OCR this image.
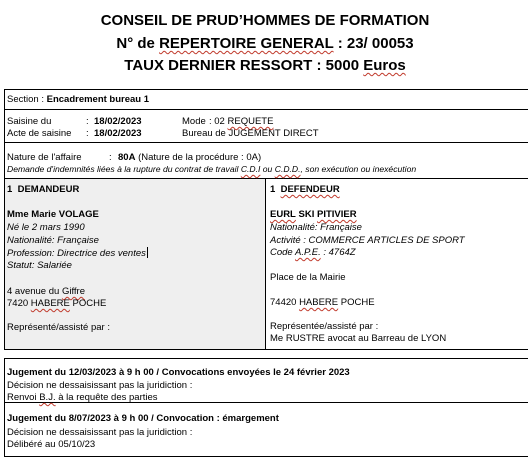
CONSEIL DE PRUD’HOMMES DE FORMATION
N° de REPERTOIRE GENERAL : 23/ 00053
TAUX DERNIER RESSORT : 5000 Euros
Section : Encadrement bureau 1
Saisine du	: 18/02/2023
Acte de saisine : 18/02/2023
Mode : 02 REQUETE
Bureau de JUGEMENT DIRECT
Nature de l'affaire	: 80A (Nature de la procédure : 0A)
Demande d'indemnités liées à la rupture du contrat de travail C.D.I ou C.D.D., son exécution ou inexécution
1 DEMANDEUR
Mme Marie VOLAGE
Né le 2 mars 1990
Nationalité: Française
Profession: Directrice des ventes
Statut: Salariée
4 avenue du Giffre
7420 HABERE POCHE
Représenté/assisté par :
1 DEFENDEUR
EURL SKI PITIVIER
Nationalité: Française
Activité : COMMERCE ARTICLES DE SPORT
Code A.P.E. : 4764Z
Place de la Mairie
74420 HABERE POCHE
Représentée/assisté par :
Me RUSTRE avocat au Barreau de LYON
Jugement du 12/03/2023 à 9 h 00 / Convocations envoyées le 24 février 2023
Décision ne dessaisissant pas la juridiction :
Renvoi B.J. à la requête des parties
Jugement du 8/07/2023 à 9 h 00 / Convocation : émargement
Décision ne dessaisissant pas la juridiction :
Délibéré au 05/10/23
